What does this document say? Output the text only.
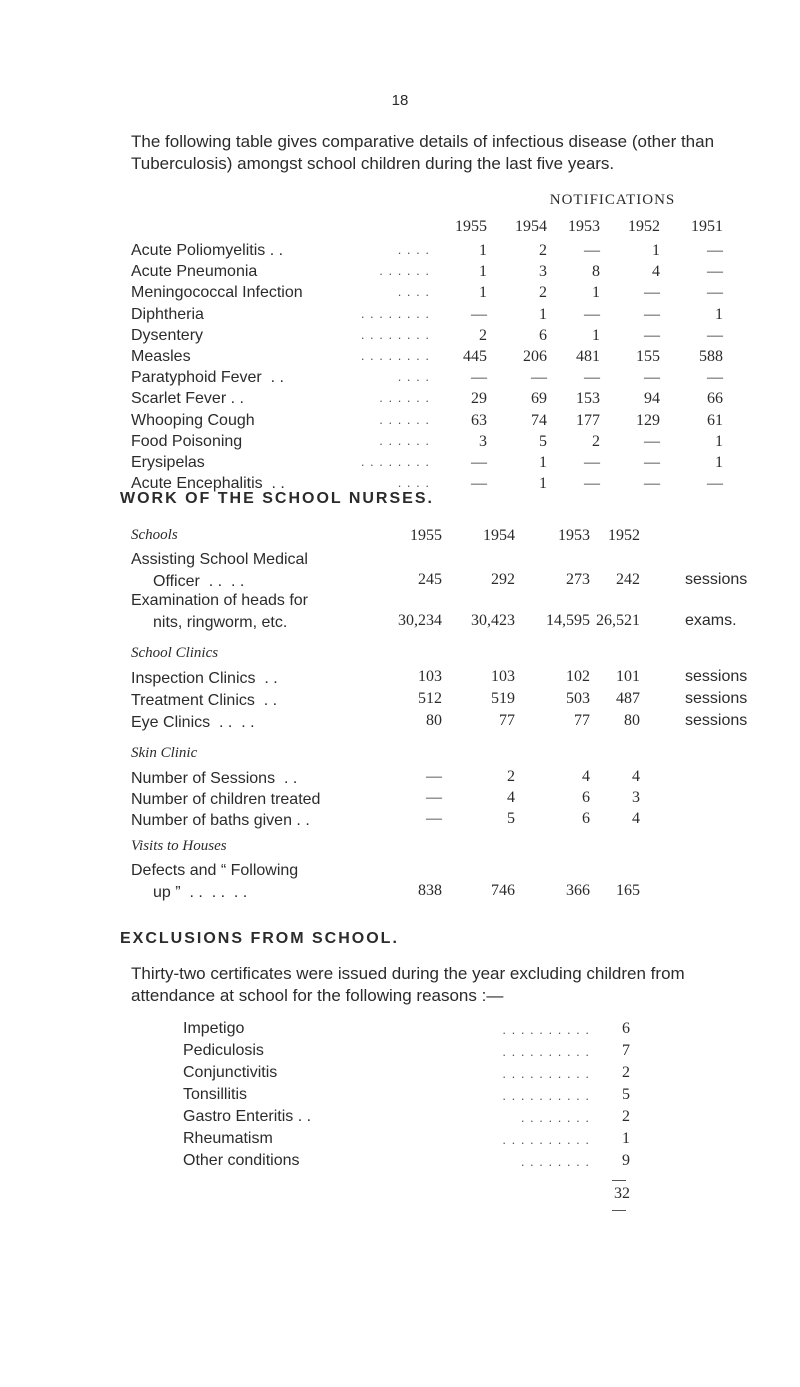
18
The following table gives comparative details of infectious disease (other than Tuberculosis) amongst school children during the last five years.
NOTIFICATIONS
1955	1954	1953	1952	1951
Acute Poliomyelitis . .	. . . .	1	2	—	1	—
Acute Pneumonia	. . . . . .	1	3	8	4	—
Meningococcal Infection	. . . .	1	2	1	—	—
Diphtheria	. . . . . . . .	—	1	—	—	1
Dysentery	. . . . . . . .	2	6	1	—	—
Measles	. . . . . . . .	445	206	481	155	588
Paratyphoid Fever  . .	. . . .	—	—	—	—	—
Scarlet Fever . .	. . . . . .	29	69	153	94	66
Whooping Cough	. . . . . .	63	74	177	129	61
Food Poisoning	. . . . . .	3	5	2	—	1
Erysipelas	. . . . . . . .	—	1	—	—	1
Acute Encephalitis  . .	. . . .	—	1	—	—	—
WORK OF THE SCHOOL NURSES.
Schools	1955	1954	1953	1952
Assisting School Medical
Officer  . .  . .	245	292	273	242	sessions
Examination of heads for
nits, ringworm, etc.	30,234	30,423	14,595 26,521	exams.
School Clinics
Inspection Clinics  . .	103	103	102	101	sessions
Treatment Clinics  . .	512	519	503	487	sessions
Eye Clinics  . .  . .	80	77	77	80	sessions
EXCLUSIONS FROM SCHOOL.
Thirty-two certificates were issued during the year excluding children from attendance at school for the following reasons :—
32
Skin Clinic
Number of Sessions  . .	—	2	4	4
Number of children treated	—	4	6	3
Number of baths given . .	—	5	6	4
Visits to Houses
Defects and “ Following
up ”  . .  . .  . .	838	746	366	165
Impetigo	. . . . . . . . . .	6
Pediculosis	. . . . . . . . . .	7
Conjunctivitis	. . . . . . . . . .	2
Tonsillitis	. . . . . . . . . .	5
Gastro Enteritis . .	. . . . . . . .	2
Rheumatism	. . . . . . . . . .	1
Other conditions	. . . . . . . .	9
